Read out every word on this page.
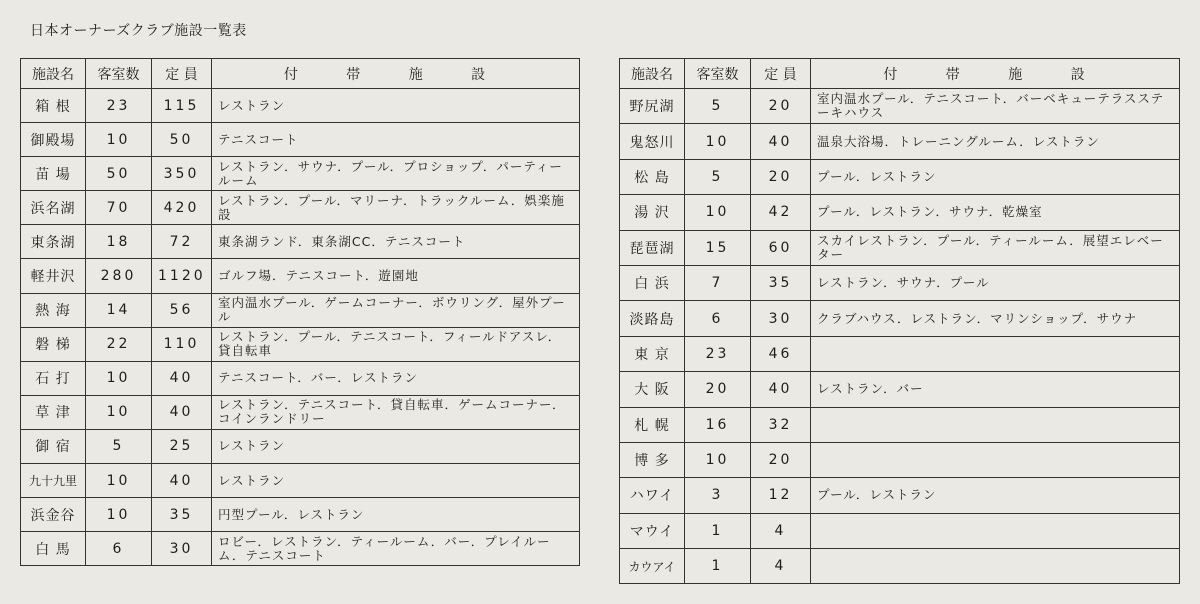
日本オーナーズクラブ施設一覧表
施設名	客室数	定 員	付 帯 施 設
箱 根	23	115	レストラン
御殿場	10	50	テニスコート
苗 場	50	350	レストラン．サウナ．プール．プロショップ．パーティールーム
浜名湖	70	420	レストラン．プール．マリーナ．トラックルーム．娯楽施設
東条湖	18	72	東条湖ランド．東条湖CC．テニスコート
軽井沢	280	1120	ゴルフ場．テニスコート．遊園地
熱 海	14	56	室内温水プール．ゲームコーナー．ボウリング．屋外プール
磐 梯	22	110	レストラン．プール．テニスコート．フィールドアスレ．貸自転車
石 打	10	40	テニスコート．バー．レストラン
草 津	10	40	レストラン．テニスコート．貸自転車．ゲームコーナー．コインランドリー
御 宿	5	25	レストラン
九十九里	10	40	レストラン
浜金谷	10	35	円型プール．レストラン
白 馬	6	30	ロビー．レストラン．ティールーム．バー．プレイルーム．テニスコート
施設名	客室数	定 員	付 帯 施 設
野尻湖	5	20	室内温水プール．テニスコート．バーベキューテラスステーキハウス
鬼怒川	10	40	温泉大浴場．トレーニングルーム．レストラン
松 島	5	20	プール．レストラン
湯 沢	10	42	プール．レストラン．サウナ．乾燥室
琵琶湖	15	60	スカイレストラン．プール．ティールーム．展望エレベーター
白 浜	7	35	レストラン．サウナ．プール
淡路島	6	30	クラブハウス．レストラン．マリンショップ．サウナ
東 京	23	46	
大 阪	20	40	レストラン．バー
札 幌	16	32	
博 多	10	20	
ハワイ	3	12	プール．レストラン
マウイ	1	4	
カウアイ	1	4	
